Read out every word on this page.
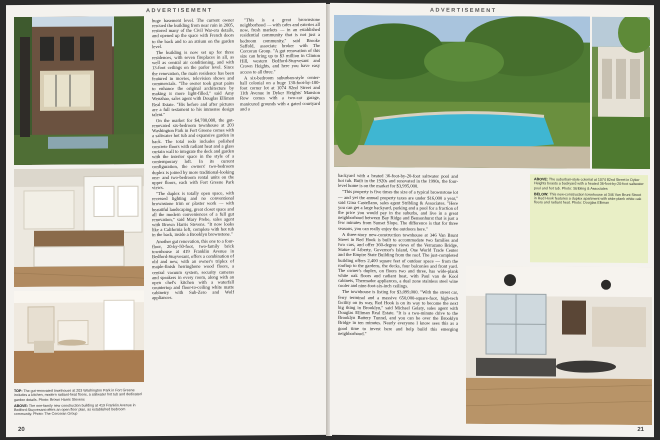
ADVERTISEMENT

TOP: The gut-renovated townhouse at 203 Washington Park in Fort Greene includes a kitchen, modern radiant-heat floors, a saltwater hot tub and dedicated garden details. Photo: Brown Harris Stevens

ABOVE: The one-family new construction building at 419 Franklin Avenue in Bedford-Stuyvesant offers an open floor plan, as established bedroom community. Photo: The Corcoran Group

huge basement level. The current owner rescued the building from near ruin in 2005, restored many of the Civil War-era details, and opened up the space with French doors to the back and to an atrium on the garden level.

The building is now set up for three residences, with seven fireplaces in all, as well as central air conditioning, and with 13-foot ceilings on the parlor level. Since the renovation, the main residence has been featured in movies, television shows and commercials. "The owner took great pains to enhance the original architecture by making it more light-filled," said Amy Wenzhao, sales agent with Douglas Elliman Real Estate. "His before and after pictures are a full testament to his immense design talent."

On the market for $4,700,000, the gut-renovated six-bedroom townhouse at 203 Washington Park in Fort Greene comes with a saltwater hot tub and expansive garden in back. The total redo includes polished concrete floors with radiant heat and a glass curtain wall to integrate the deck and garden with the interior space in the style of a contemporary loft. In its current configuration, the owners' two-bedroom duplex is joined by more traditional-looking one- and two-bedroom rental units on the upper floors, each with Fort Greene Park views.

"The duplex is totally open space, with recessed lighting and no conventional brownstone trim or plaster work — with beautiful landscaping, great closet space and all the modern conveniences of a full gut renovation," said Mary Prebe, sales agent with Brown Harris Stevens. "It now looks like a California loft, complete with hot tub in the back, inside a Brooklyn brownstone."

Another gut renovation, this one to a four-floor, 20-by-50-foot, two-family brick townhouse at 419 Franklin Avenue in Bedford-Stuyvesant, offers a combination of old and new, with an owner's triplex of maple-finish herringbone wood floors, a central vacuum system, security cameras and speakers in every room, along with an open chef's kitchen with a waterfall countertop and floor-to-ceiling white matte cabinetry with Sub-Zero and Wolf appliances.

"This is a great brownstone neighborhood — with cafes and eateries all now, fresh markets — in an established residential community that is not just a bedroom community," said Brooke Saffold, associate broker with The Corcoran Group. "A gut renovation of this size can bring up to $3 million in Clinton Hill, western Bedford-Stuyvesant and Crown Heights, and here you have easy access to all three."

A six-bedroom suburban-style center-hall colonial on a huge 130-foot-by-100-foot corner lot at 1074 82nd Street and 11th Avenue in Dyker Heights' Mansion Row comes with a two-car garage, manicured grounds with a gated courtyard and a

20
ADVERTISEMENT

backyard with a heated 36-foot-by-20-foot saltwater pool and hot tub. Built in the 1920s and renovated in the 1990s, the four-level home is on the market for $3,995,000.

"This property is five times the size of a typical brownstone lot — and yet the annual property taxes are under $16,000 a year," said Gina Castellano, sales agent Stribling & Associates. "Here you can get a large backyard, parking and a pool for a fraction of the price you would pay in the suburbs, and live in a great neighborhood between Bay Ridge and Bensonhurst that is just a few minutes from Sunset Slope. The difference is that for three seasons, you can really enjoy the outdoors here."

A three-story new-construction townhouse at 346 Van Brunt Street in Red Hook is built to accommodate two families and two cars, and offer 360-degree views of the Verrazano Bridge, Statue of Liberty, Governor's Island, One World Trade Center and the Empire State Building from the roof. The just-completed building offers 2,400 square feet of outdoor space — from the rooftop to the gardens, the decks, four balconies and front yard. The owner's duplex, on floors two and three, has wide-plank white oak floors and radiant heat, with Paul van de Kool cabinets, Thermador appliances, a dual zone stainless steel wine cooler and nine-foot-six-inch ceilings.

The townhouse is listing for $3,099,000. "With the street car, ferry terminal and a massive 650,000-square-foot, high-tech facility on its way, Red Hook is on its way to become the next big thing in Brooklyn," said Michael Gelaty, sales agent with Douglas Elliman Real Estate. "It is a two-minute drive to the Brooklyn Battery Tunnel, and you can be over the Brooklyn Bridge in ten minutes. Nearly everyone I know sees this as a good time to invest here and help build this emerging neighborhood."

ABOVE: The suburban-style colonial at 1074 82nd Street in Dyker Heights boasts a backyard with a heated 36-foot-by-20-foot saltwater pool and hot tub. Photo: Stribling & Associates

BELOW: This new-construction townhouse at 346 Van Brunt Street in Red Hook features a duplex apartment with wide-plank white oak floors and radiant heat. Photo: Douglas Elliman

21
